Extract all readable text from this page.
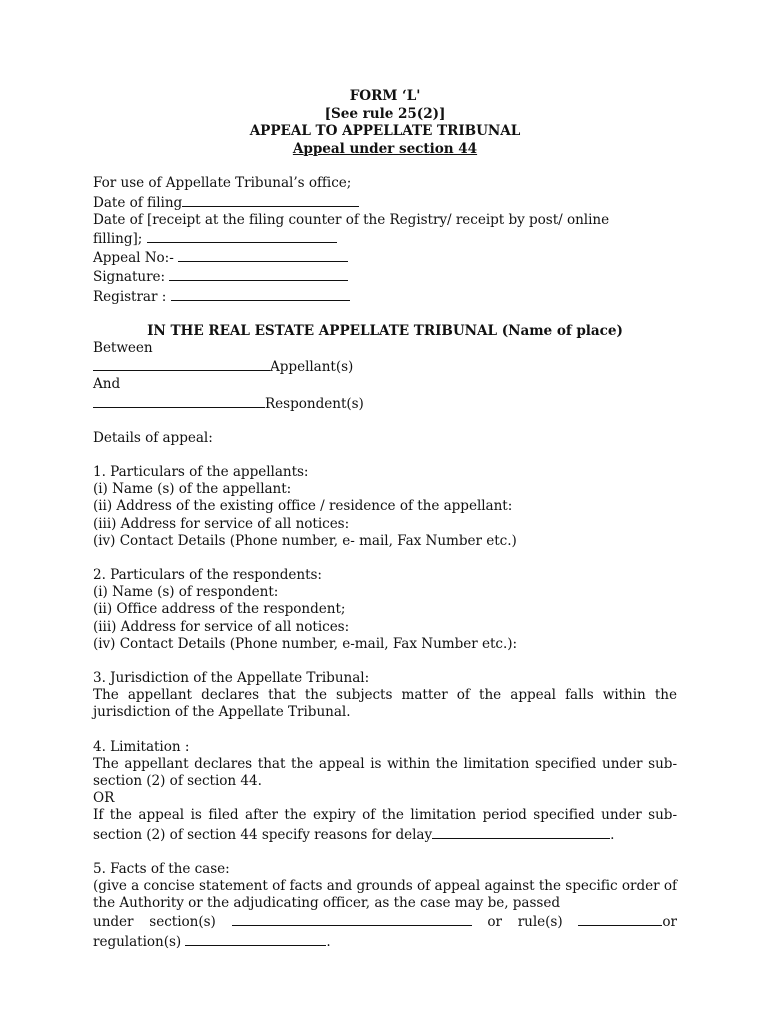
FORM ‘L'
[See rule 25(2)]
APPEAL TO APPELLATE TRIBUNAL
Appeal under section 44
For use of Appellate Tribunal’s office;
Date of filing
Date of [receipt at the filing counter of the Registry/ receipt by post/ online
filling];
Appeal No:-
Signature:
Registrar :
IN THE REAL ESTATE APPELLATE TRIBUNAL (Name of place)
Between
Appellant(s)
And
Respondent(s)
Details of appeal:
1. Particulars of the appellants:
(i) Name (s) of the appellant:
(ii) Address of the existing office / residence of the appellant:
(iii) Address for service of all notices:
(iv) Contact Details (Phone number, e- mail, Fax Number etc.)
2. Particulars of the respondents:
(i) Name (s) of respondent:
(ii) Office address of the respondent;
(iii) Address for service of all notices:
(iv) Contact Details (Phone number, e-mail, Fax Number etc.):
3. Jurisdiction of the Appellate Tribunal:
The appellant declares that the subjects matter of the appeal falls within the jurisdiction of the Appellate Tribunal.
4. Limitation :
The appellant declares that the appeal is within the limitation specified under sub-section (2) of section 44.
OR
If the appeal is filed after the expiry of the limitation period specified under sub-section (2) of section 44 specify reasons for delay	.
5. Facts of the case:
(give a concise statement of facts and grounds of appeal against the specific order of the Authority or the adjudicating officer, as the case may be, passed
under section(s)	or rule(s)	or
regulation(s)	.
